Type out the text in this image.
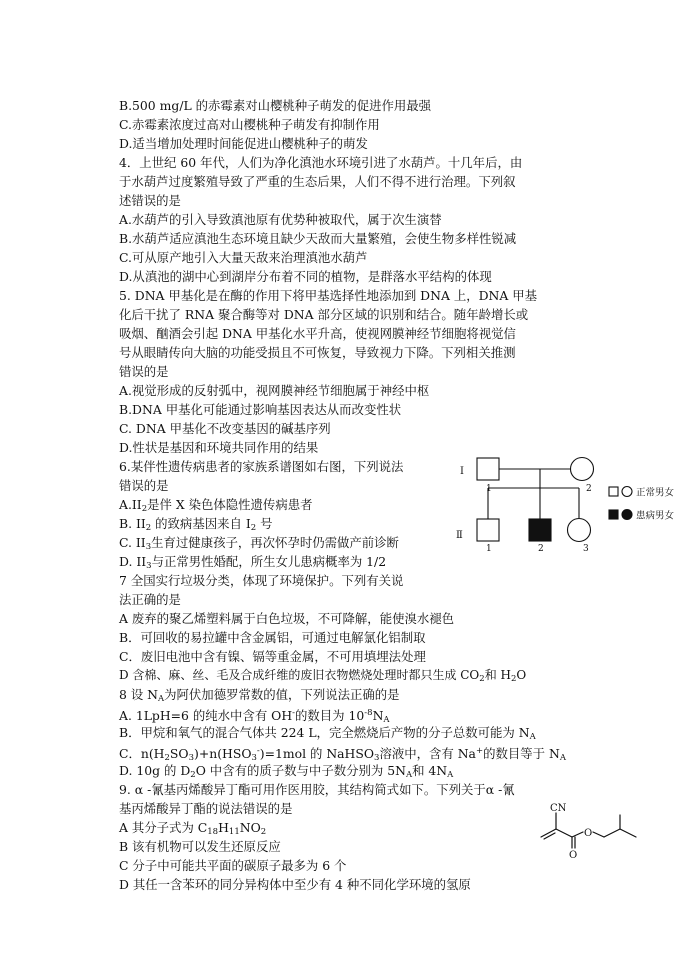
B.500 mg/L 的赤霉素对山樱桃种子萌发的促进作用最强
C.赤霉素浓度过高对山樱桃种子萌发有抑制作用
D.适当增加处理时间能促进山樱桃种子的萌发
4．上世纪 60 年代，人们为净化滇池水环境引进了水葫芦。十几年后，由
于水葫芦过度繁殖导致了严重的生态后果，人们不得不进行治理。下列叙
述错误的是
A.水葫芦的引入导致滇池原有优势种被取代，属于次生演替
B.水葫芦适应滇池生态环境且缺少天敌而大量繁殖，会使生物多样性锐减
C.可从原产地引入大量天敌来治理滇池水葫芦
D.从滇池的湖中心到湖岸分布着不同的植物，是群落水平结构的体现
5. DNA 甲基化是在酶的作用下将甲基选择性地添加到 DNA 上，DNA 甲基
化后干扰了 RNA 聚合酶等对 DNA 部分区域的识别和结合。随年龄增长或
吸烟、酗酒会引起 DNA 甲基化水平升高，使视网膜神经节细胞将视觉信
号从眼睛传向大脑的功能受损且不可恢复，导致视力下降。下列相关推测
错误的是
A.视觉形成的反射弧中，视网膜神经节细胞属于神经中枢
B.DNA 甲基化可能通过影响基因表达从而改变性状
C. DNA 甲基化不改变基因的碱基序列
D.性状是基因和环境共同作用的结果
6.某伴性遗传病患者的家族系谱图如右图，下列说法
错误的是
$A.II_2$是伴 X 染色体隐性遗传病患者
B. $II_2$ 的致病基因来自 $I_2$ 号
C. $II_3$生育过健康孩子，再次怀孕时仍需做产前诊断
D. $II_3$与正常男性婚配，所生女儿患病概率为 1/2
I
Ⅱ
1	2
1	2	3
正常男女
患病男女
7 全国实行垃圾分类，体现了环境保护。下列有关说
法正确的是
A 废弃的聚乙烯塑料属于白色垃圾，不可降解，能使溴水褪色
B．可回收的易拉罐中含金属铝，可通过电解氯化铝制取
C．废旧电池中含有镍、镉等重金属，不可用填埋法处理
D 含棉、麻、丝、毛及合成纤维的废旧衣物燃烧处理时都只生成 $CO_2$和 $H_2O$
8 设 $N_A$为阿伏加德罗常数的值，下列说法正确的是
A. 1LpH=6 的纯水中含有 OH-的数目为 $10^{-8}N_A$
B．甲烷和氧气的混合气体共 224 L，完全燃烧后产物的分子总数可能为 $N_A$
C．$n(H_2SO_3)+n(HSO_3^-)=1mol$ 的 NaHSO$_3$溶液中，含有 Na+的数目等于 $N_A$
D. 10g 的 $D_2O$ 中含有的质子数与中子数分别为 $5N_A$和 $4N_A$
9. α -氰基丙烯酸异丁酯可用作医用胶，其结构简式如下。下列关于α -氰
基丙烯酸异丁酯的说法错误的是
A 其分子式为 $C_{18}H_{11}NO_2$
B 该有机物可以发生还原反应
C 分子中可能共平面的碳原子最多为 6 个
D 其任一含苯环的同分异构体中至少有 4 种不同化学环境的氢原
CN
O
O
